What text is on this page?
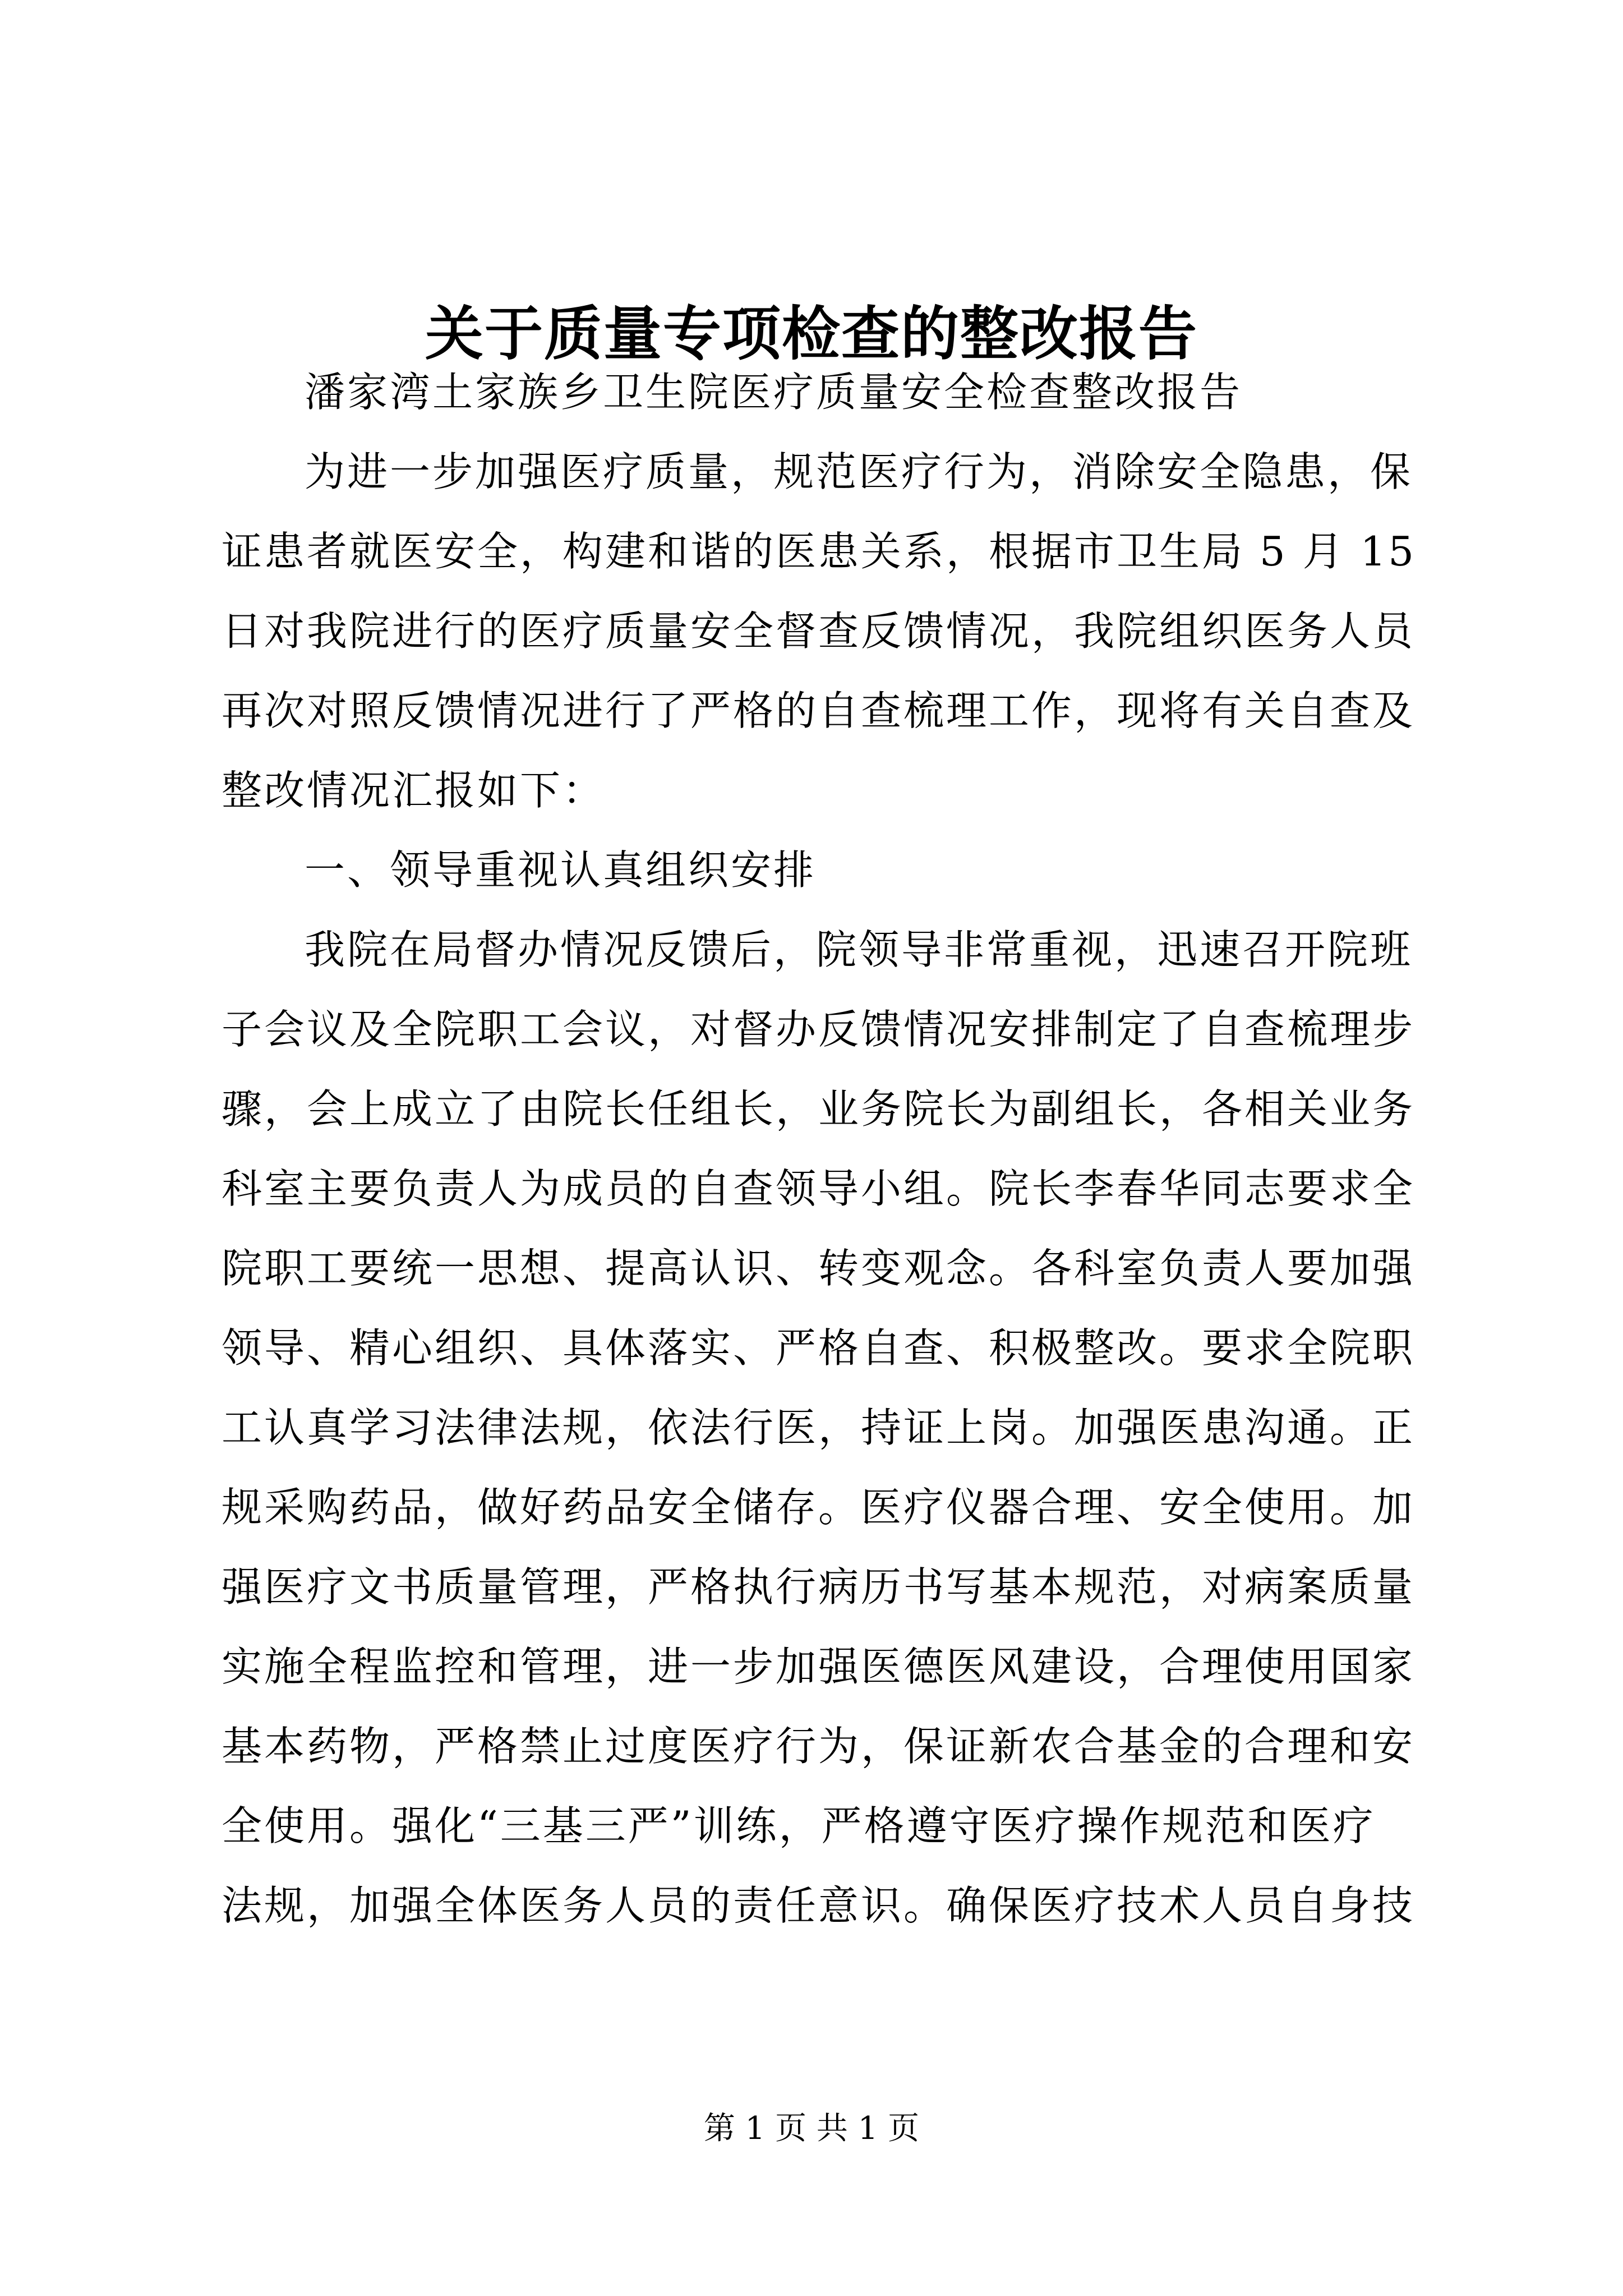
关于质量专项检查的整改报告
潘家湾土家族乡卫生院医疗质量安全检查整改报告
为进一步加强医疗质量，规范医疗行为，消除安全隐患，保
证患者就医安全，构建和谐的医患关系，根据市卫生局 5 月 15
日对我院进行的医疗质量安全督查反馈情况，我院组织医务人员
再次对照反馈情况进行了严格的自查梳理工作，现将有关自查及
整改情况汇报如下：
一、领导重视认真组织安排
我院在局督办情况反馈后，院领导非常重视，迅速召开院班
子会议及全院职工会议，对督办反馈情况安排制定了自查梳理步
骤，会上成立了由院长任组长，业务院长为副组长，各相关业务
科室主要负责人为成员的自查领导小组。院长李春华同志要求全
院职工要统一思想、提高认识、转变观念。各科室负责人要加强
领导、精心组织、具体落实、严格自查、积极整改。要求全院职
工认真学习法律法规，依法行医，持证上岗。加强医患沟通。正
规采购药品，做好药品安全储存。医疗仪器合理、安全使用。加
强医疗文书质量管理，严格执行病历书写基本规范，对病案质量
实施全程监控和管理，进一步加强医德医风建设，合理使用国家
基本药物，严格禁止过度医疗行为，保证新农合基金的合理和安
全使用。强化“三基三严”训练，严格遵守医疗操作规范和医疗
法规，加强全体医务人员的责任意识。确保医疗技术人员自身技
第 1 页 共 1 页
